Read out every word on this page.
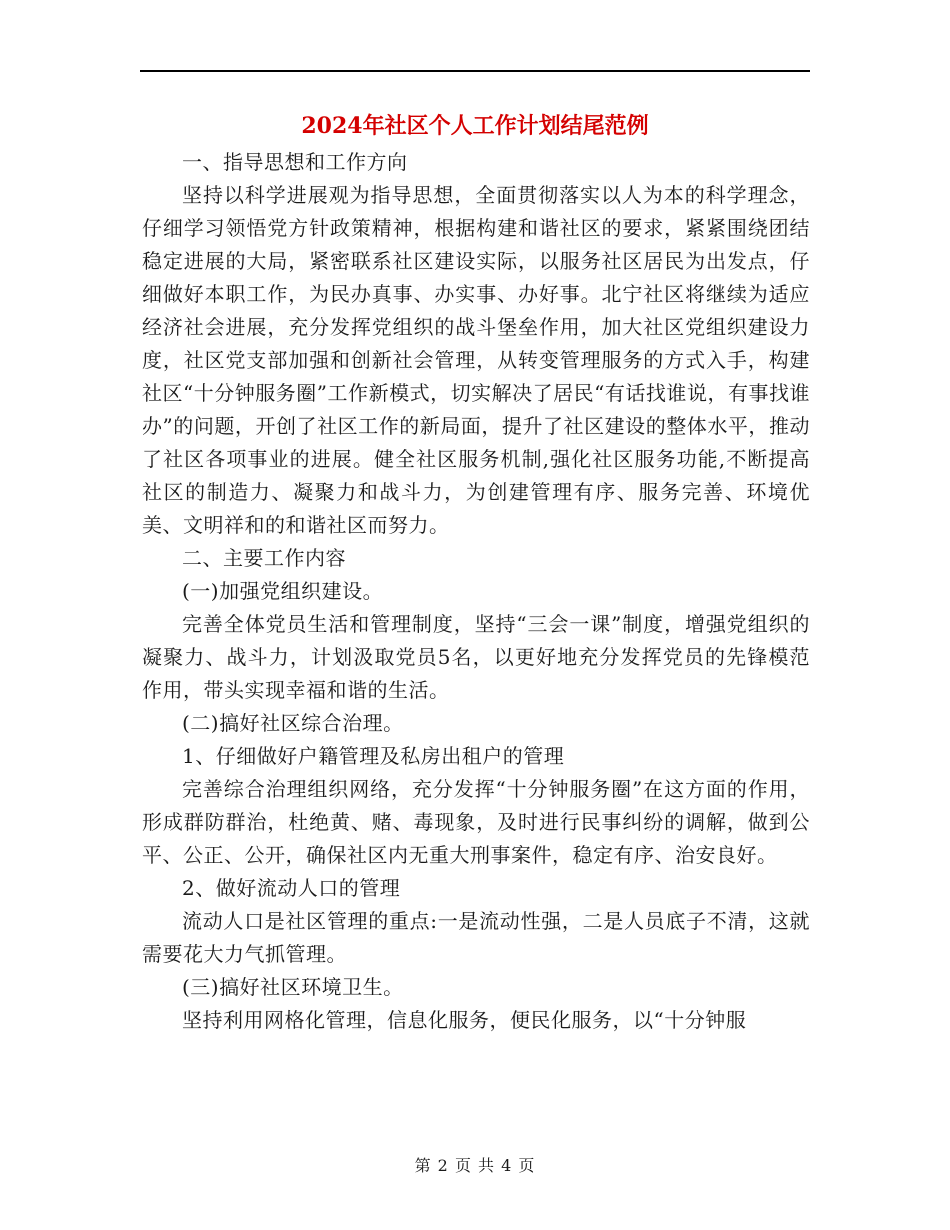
2024年社区个人工作计划结尾范例

一、指导思想和工作方向

坚持以科学进展观为指导思想，全面贯彻落实以人为本的科学理念，仔细学习领悟党方针政策精神，根据构建和谐社区的要求，紧紧围绕团结稳定进展的大局，紧密联系社区建设实际，以服务社区居民为出发点，仔细做好本职工作，为民办真事、办实事、办好事。北宁社区将继续为适应经济社会进展，充分发挥党组织的战斗堡垒作用，加大社区党组织建设力度，社区党支部加强和创新社会管理，从转变管理服务的方式入手，构建社区“十分钟服务圈”工作新模式，切实解决了居民“有话找谁说，有事找谁办”的问题，开创了社区工作的新局面，提升了社区建设的整体水平，推动了社区各项事业的进展。健全社区服务机制,强化社区服务功能,不断提高社区的制造力、凝聚力和战斗力，为创建管理有序、服务完善、环境优美、文明祥和的和谐社区而努力。

二、主要工作内容

(一)加强党组织建设。

完善全体党员生活和管理制度，坚持“三会一课”制度，增强党组织的凝聚力、战斗力，计划汲取党员5名，以更好地充分发挥党员的先锋模范作用，带头实现幸福和谐的生活。

(二)搞好社区综合治理。

1、仔细做好户籍管理及私房出租户的管理

完善综合治理组织网络，充分发挥“十分钟服务圈”在这方面的作用，形成群防群治，杜绝黄、赌、毒现象，及时进行民事纠纷的调解，做到公平、公正、公开，确保社区内无重大刑事案件，稳定有序、治安良好。

2、做好流动人口的管理

流动人口是社区管理的重点:一是流动性强，二是人员底子不清，这就需要花大力气抓管理。

(三)搞好社区环境卫生。

坚持利用网格化管理，信息化服务，便民化服务，以“十分钟服

第 2 页 共 4 页
